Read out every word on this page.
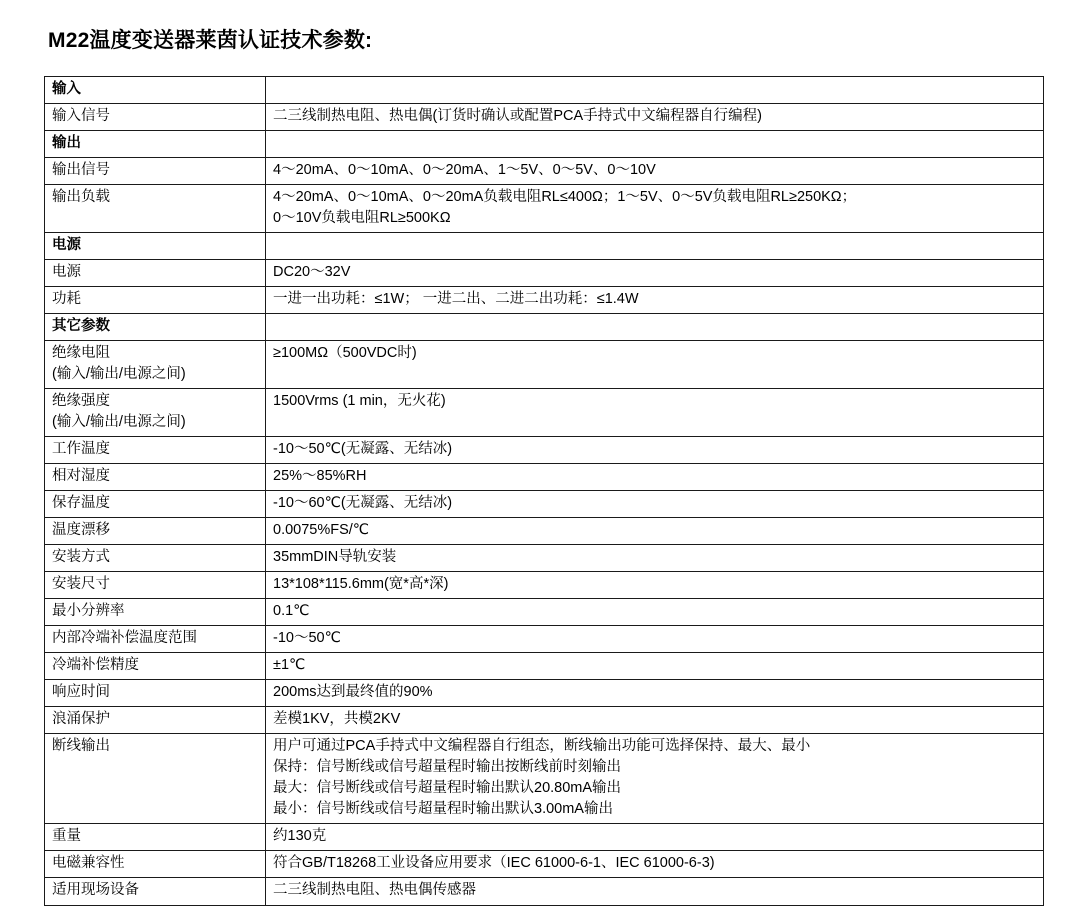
M22温度变送器莱茵认证技术参数:
输入	
输入信号	二三线制热电阻、热电偶(订货时确认或配置PCA手持式中文编程器自行编程)
输出	
输出信号	4～20mA、0～10mA、0～20mA、1～5V、0～5V、0～10V
输出负载	4～20mA、0～10mA、0～20mA负载电阻RL≤400Ω；1～5V、0～5V负载电阻RL≥250KΩ；
0～10V负载电阻RL≥500KΩ

电源	
电源	DC20～32V
功耗	一进一出功耗：≤1W； 一进二出、二进二出功耗：≤1.4W
其它参数	

绝缘电阻
(输入/输出/电源之间)	≥100MΩ（500VDC时)

绝缘强度
(输入/输出/电源之间)	1500Vrms (1 min，无火花)
工作温度	-10～50℃(无凝露、无结冰)
相对湿度	25%～85%RH
保存温度	-10～60℃(无凝露、无结冰)
温度漂移	0.0075%FS/℃
安装方式	35mmDIN导轨安装
安装尺寸	13*108*115.6mm(宽*高*深)
最小分辨率	0.1℃
内部冷端补偿温度范围	-10～50℃
冷端补偿精度	±1℃
响应时间	200ms达到最终值的90%
浪涌保护	差模1KV，共模2KV
断线输出	用户可通过PCA手持式中文编程器自行组态，断线输出功能可选择保持、最大、最小
保持：信号断线或信号超量程时输出按断线前时刻输出
最大：信号断线或信号超量程时输出默认20.80mA输出
最小：信号断线或信号超量程时输出默认3.00mA输出

重量	约130克
电磁兼容性	符合GB/T18268工业设备应用要求（IEC 61000-6-1、IEC 61000-6-3)
适用现场设备	二三线制热电阻、热电偶传感器
